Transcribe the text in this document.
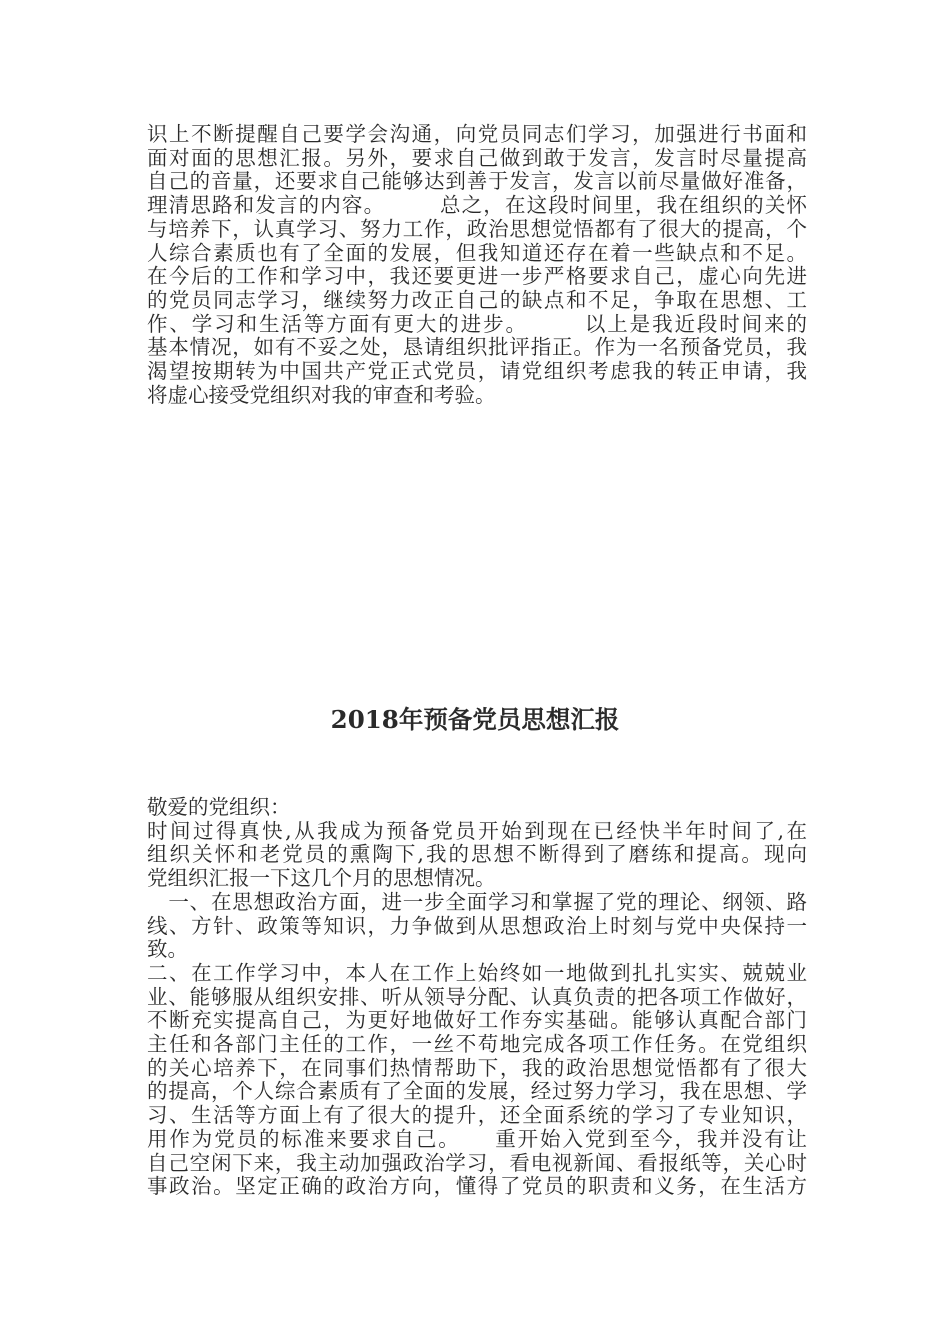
识上不断提醒自己要学会沟通，向党员同志们学习，加强进行书面和
面对面的思想汇报。另外，要求自己做到敢于发言，发言时尽量提高
自己的音量，还要求自己能够达到善于发言，发言以前尽量做好准备，
理清思路和发言的内容。　　　总之，在这段时间里，我在组织的关怀
与培养下，认真学习、努力工作，政治思想觉悟都有了很大的提高，个
人综合素质也有了全面的发展，但我知道还存在着一些缺点和不足。
在今后的工作和学习中，我还要更进一步严格要求自己，虚心向先进
的党员同志学习，继续努力改正自己的缺点和不足，争取在思想、工
作、学习和生活等方面有更大的进步。　　　以上是我近段时间来的
基本情况，如有不妥之处，恳请组织批评指正。作为一名预备党员，我
渴望按期转为中国共产党正式党员，请党组织考虑我的转正申请，我
将虚心接受党组织对我的审查和考验。
2018年预备党员思想汇报
敬爱的党组织：
时间过得真快,从我成为预备党员开始到现在已经快半年时间了,在
组织关怀和老党员的熏陶下,我的思想不断得到了磨练和提高。现向
党组织汇报一下这几个月的思想情况。
　一、在思想政治方面，进一步全面学习和掌握了党的理论、纲领、路
线、方针、政策等知识，力争做到从思想政治上时刻与党中央保持一
致。
二、在工作学习中，本人在工作上始终如一地做到扎扎实实、兢兢业
业、能够服从组织安排、听从领导分配、认真负责的把各项工作做好，
不断充实提高自己，为更好地做好工作夯实基础。能够认真配合部门
主任和各部门主任的工作，一丝不苟地完成各项工作任务。在党组织
的关心培养下，在同事们热情帮助下，我的政治思想觉悟都有了很大
的提高，个人综合素质有了全面的发展，经过努力学习，我在思想、学
习、生活等方面上有了很大的提升，还全面系统的学习了专业知识，
用作为党员的标准来要求自己。　　重开始入党到至今，我并没有让
自己空闲下来，我主动加强政治学习，看电视新闻、看报纸等，关心时
事政治。坚定正确的政治方向，懂得了党员的职责和义务，在生活方
